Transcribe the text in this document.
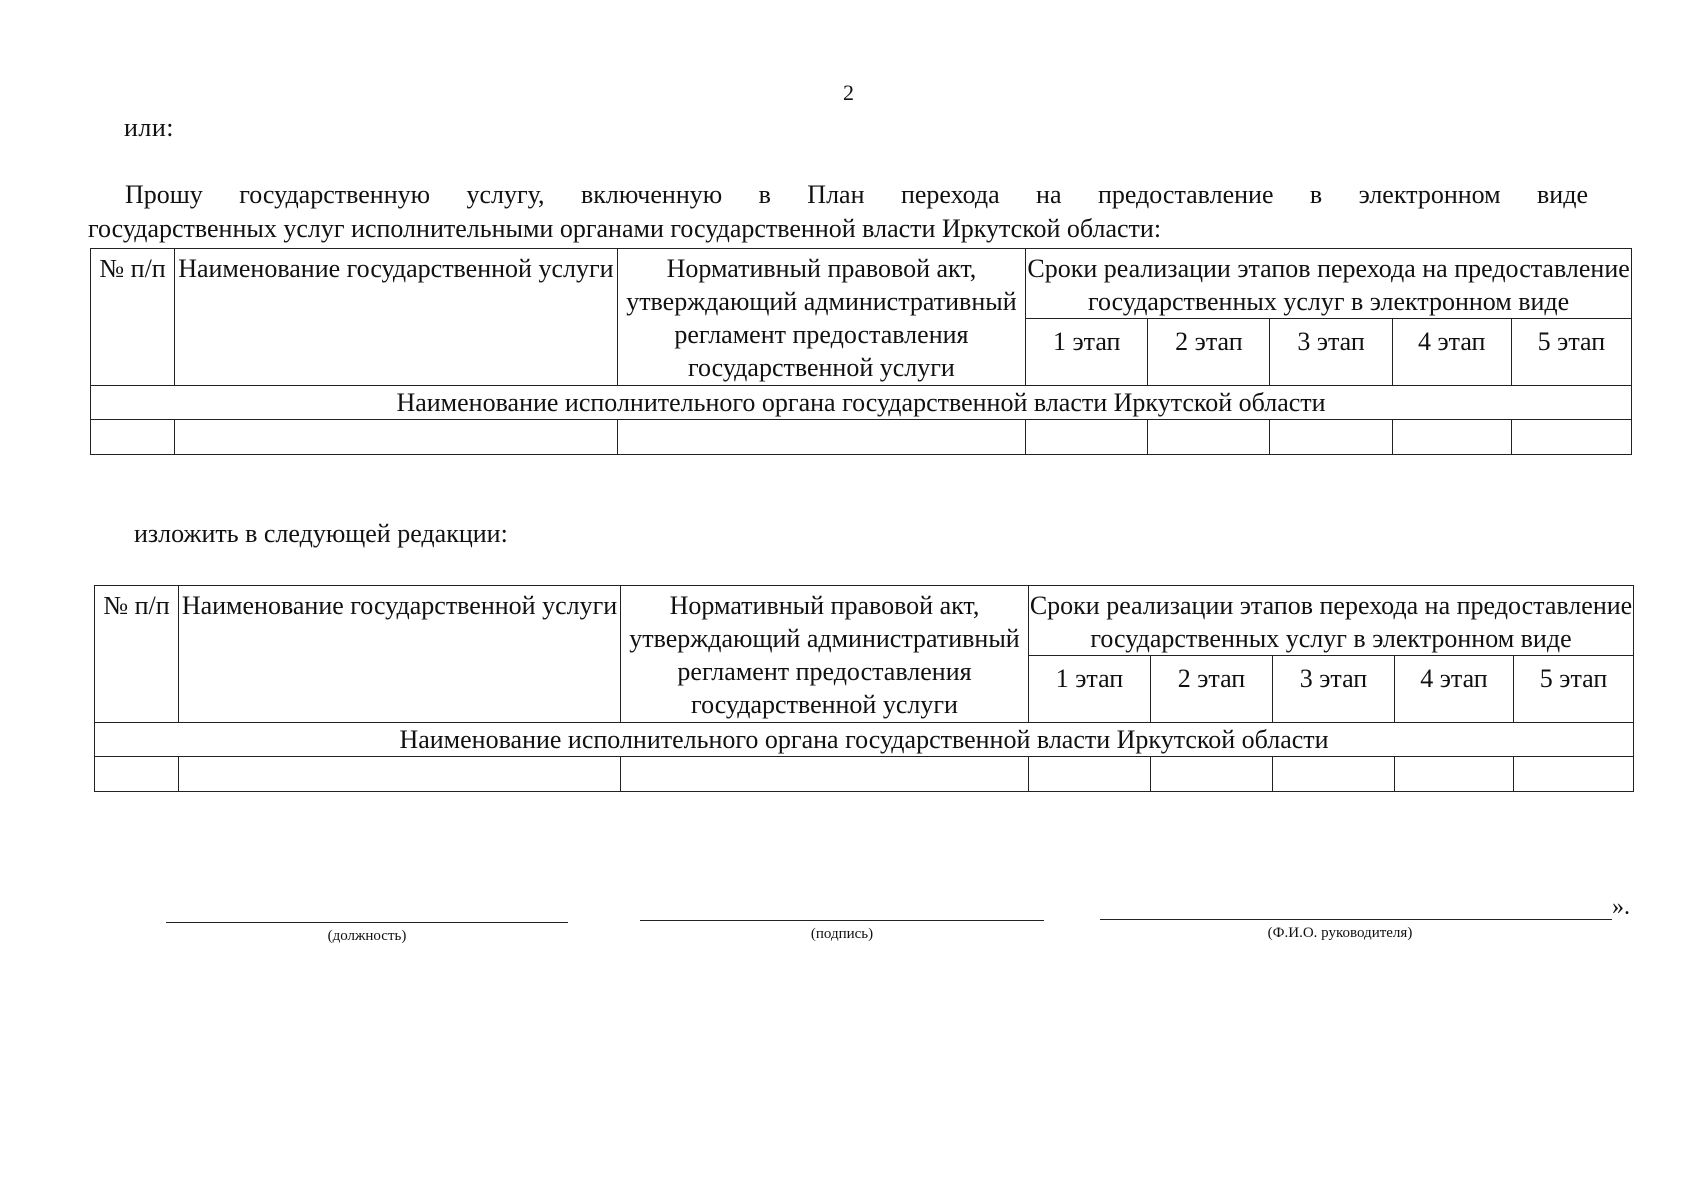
2
или:
Прошу государственную услугу, включенную в План перехода на предоставление в электронном виде
государственных услуг исполнительными органами государственной власти Иркутской области:
№ п/п	Наименование государственной услуги	Нормативный правовой акт, утверждающий административный регламент предоставления государственной услуги	Сроки реализации этапов перехода на предоставление государственных услуг в электронном виде				
			1 этап	2 этап	3 этап	4 этап	5 этап
Наименование исполнительного органа государственной власти Иркутской области							

изложить в следующей редакции:
№ п/п	Наименование государственной услуги	Нормативный правовой акт, утверждающий административный регламент предоставления государственной услуги	Сроки реализации этапов перехода на предоставление государственных услуг в электронном виде				
			1 этап	2 этап	3 этап	4 этап	5 этап
Наименование исполнительного органа государственной власти Иркутской области							

(должность)	(подпись)	(Ф.И.О. руководителя)
».
